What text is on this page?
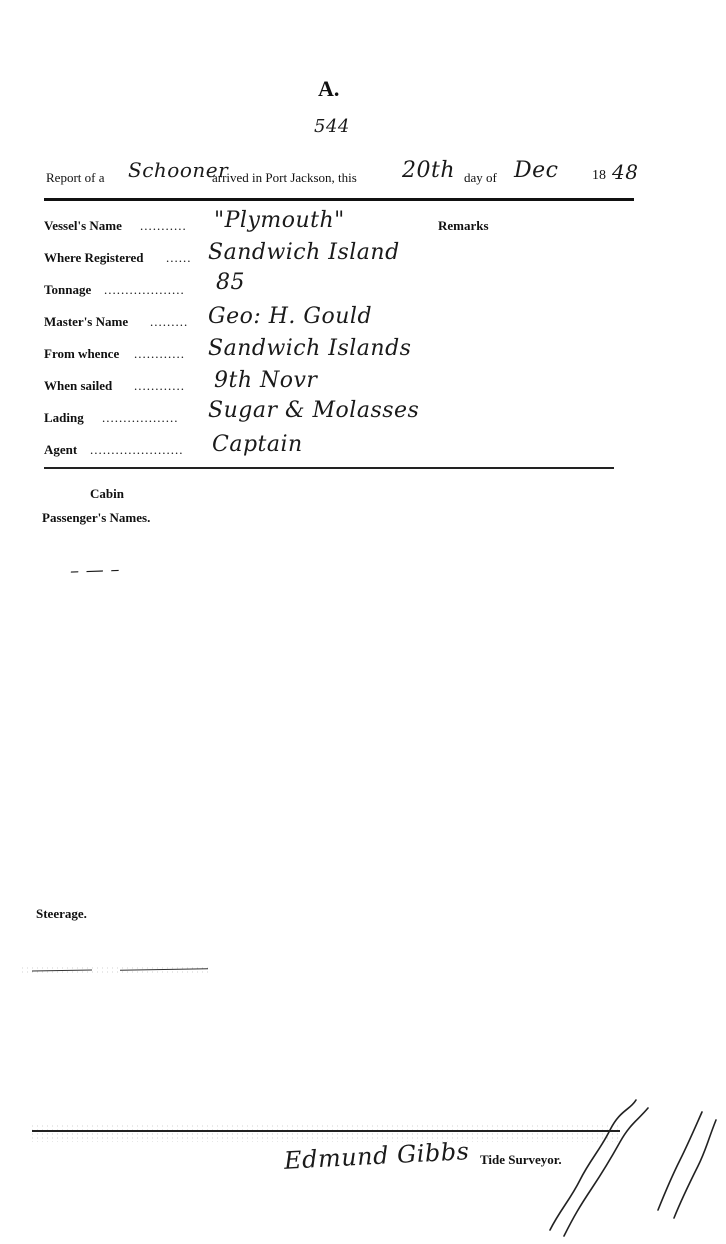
A.
544
Report of a Schooner
arrived in Port Jackson, this 20th day of Dec 18 48
Remarks
Vessel's Name ........... "Plymouth"
Where Registered ...... Sandwich Island
Tonnage ................... 85
Master's Name ......... Geo: H. Gould
From whence ............ Sandwich Islands
When sailed ............ 9th Novr
Lading .................. Sugar & Molasses
Agent ...................... Captain
Cabin
Passenger's Names.
– — –
Steerage.
Edmund Gibbs Tide Surveyor.
